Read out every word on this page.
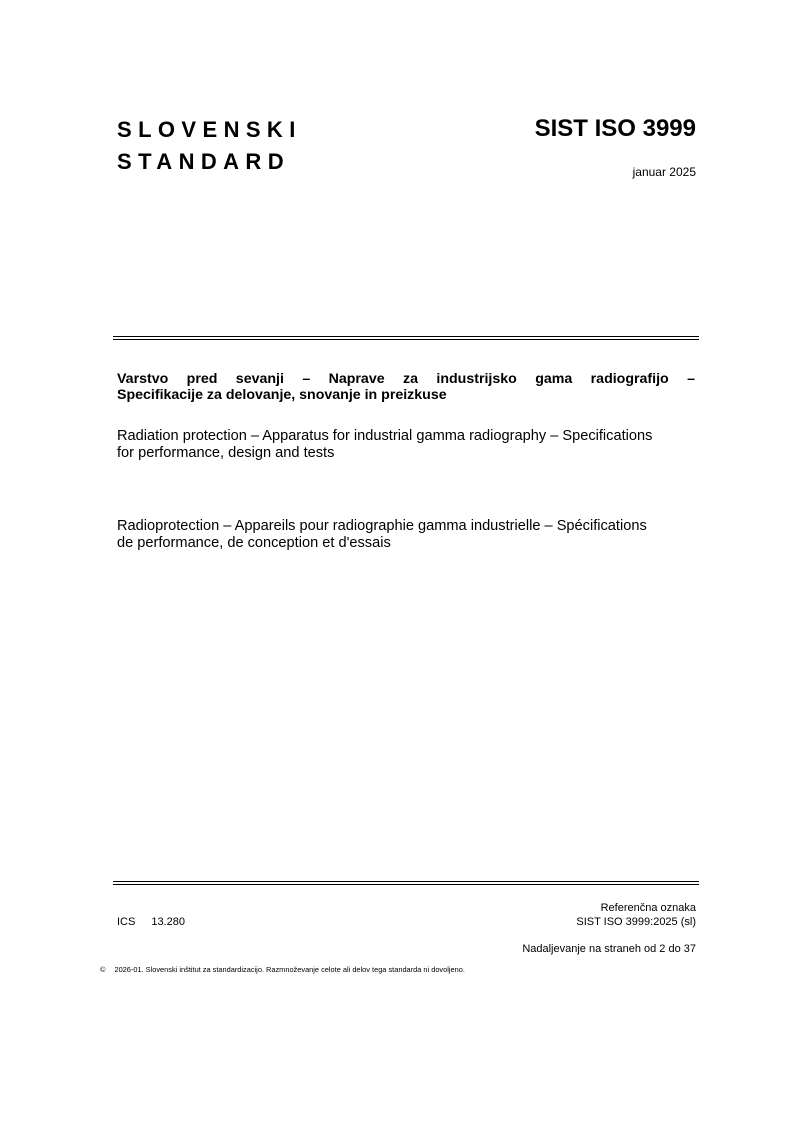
SLOVENSKI
STANDARD
SIST ISO 3999
januar 2025
Varstvo pred sevanji – Naprave za industrijsko gama radiografijo –
Specifikacije za delovanje, snovanje in preizkuse
Radiation protection – Apparatus for industrial gamma radiography – Specifications
for performance, design and tests
Radioprotection – Appareils pour radiographie gamma industrielle – Spécifications
de performance, de conception et d'essais
Referenčna oznaka
SIST ISO 3999:2025 (sl)
ICS 13.280
Nadaljevanje na straneh od 2 do 37
© 2026-01. Slovenski inštitut za standardizacijo. Razmnoževanje celote ali delov tega standarda ni dovoljeno.
